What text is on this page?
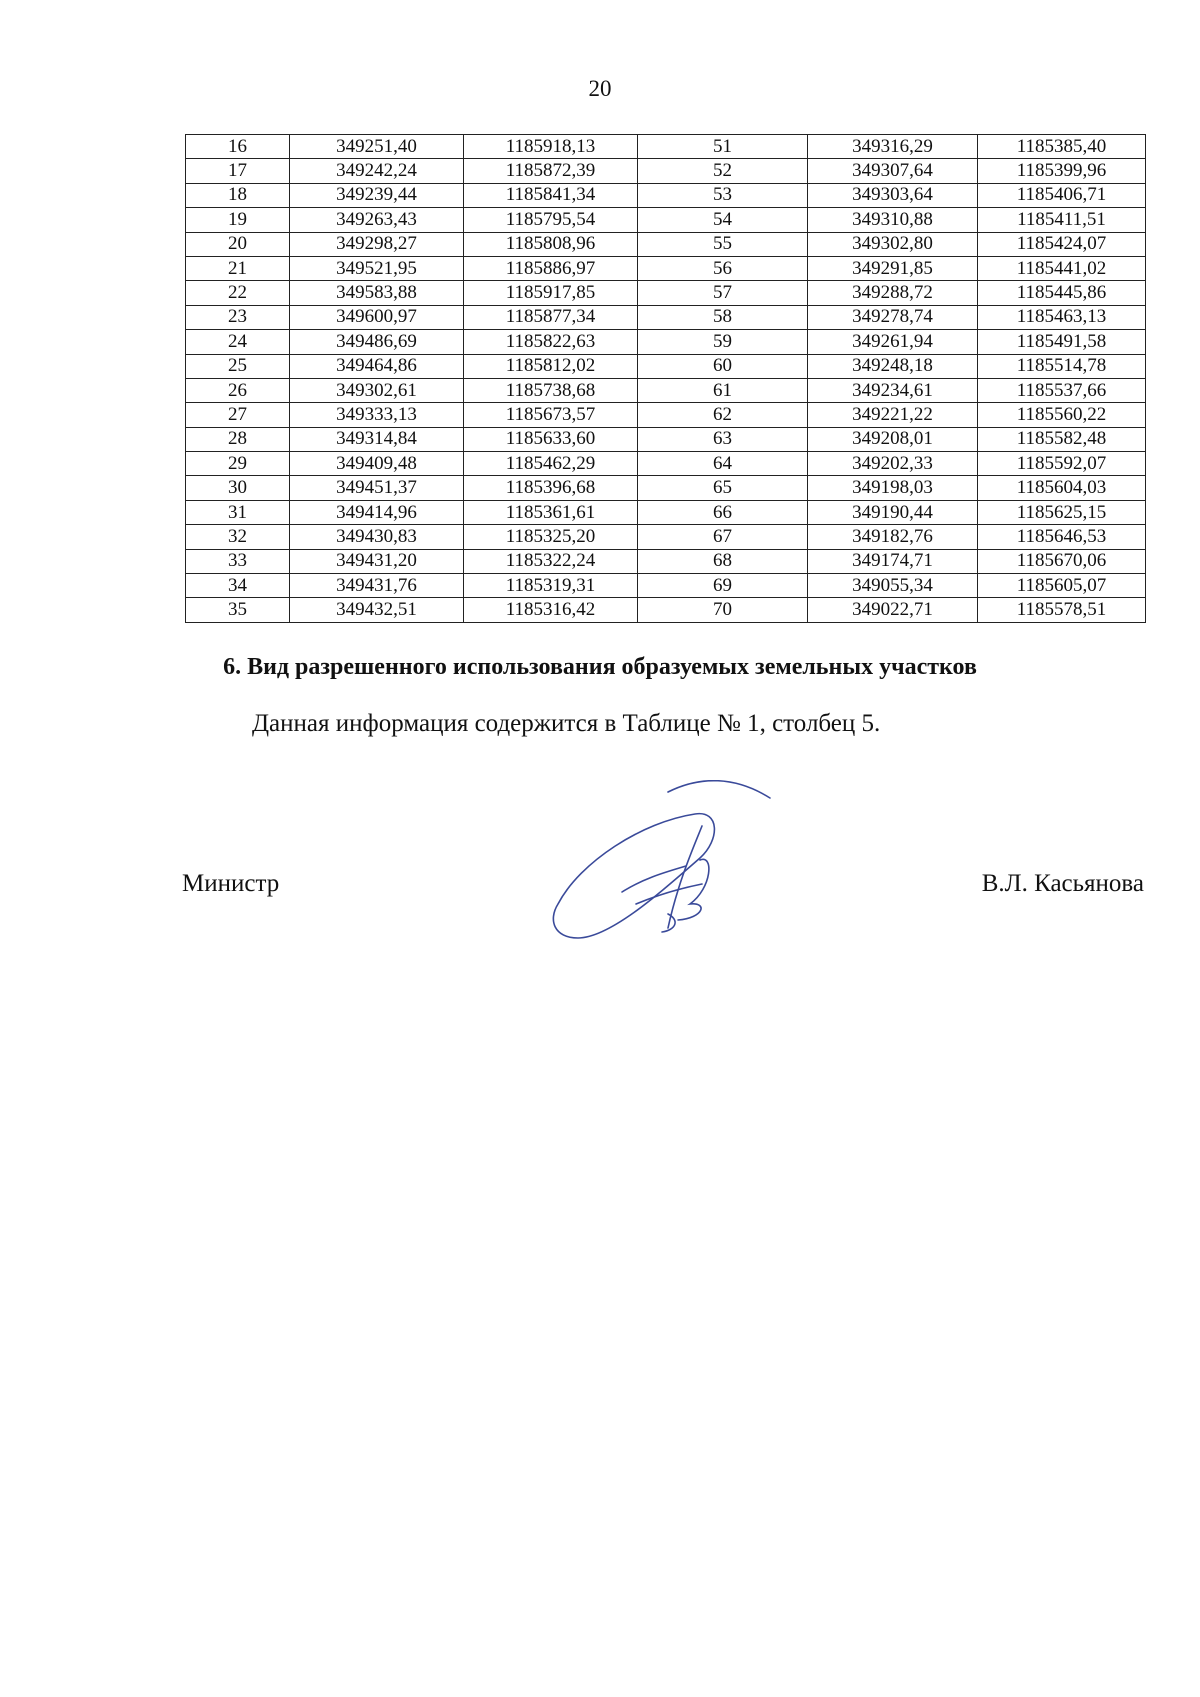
20
16	349251,40	1185918,13	51	349316,29	1185385,40
17	349242,24	1185872,39	52	349307,64	1185399,96
18	349239,44	1185841,34	53	349303,64	1185406,71
19	349263,43	1185795,54	54	349310,88	1185411,51
20	349298,27	1185808,96	55	349302,80	1185424,07
21	349521,95	1185886,97	56	349291,85	1185441,02
22	349583,88	1185917,85	57	349288,72	1185445,86
23	349600,97	1185877,34	58	349278,74	1185463,13
24	349486,69	1185822,63	59	349261,94	1185491,58
25	349464,86	1185812,02	60	349248,18	1185514,78
26	349302,61	1185738,68	61	349234,61	1185537,66
27	349333,13	1185673,57	62	349221,22	1185560,22
28	349314,84	1185633,60	63	349208,01	1185582,48
29	349409,48	1185462,29	64	349202,33	1185592,07
30	349451,37	1185396,68	65	349198,03	1185604,03
31	349414,96	1185361,61	66	349190,44	1185625,15
32	349430,83	1185325,20	67	349182,76	1185646,53
33	349431,20	1185322,24	68	349174,71	1185670,06
34	349431,76	1185319,31	69	349055,34	1185605,07
35	349432,51	1185316,42	70	349022,71	1185578,51
6. Вид разрешенного использования образуемых земельных участков
Данная информация содержится в Таблице № 1, столбец 5.
Министр	В.Л. Касьянова
